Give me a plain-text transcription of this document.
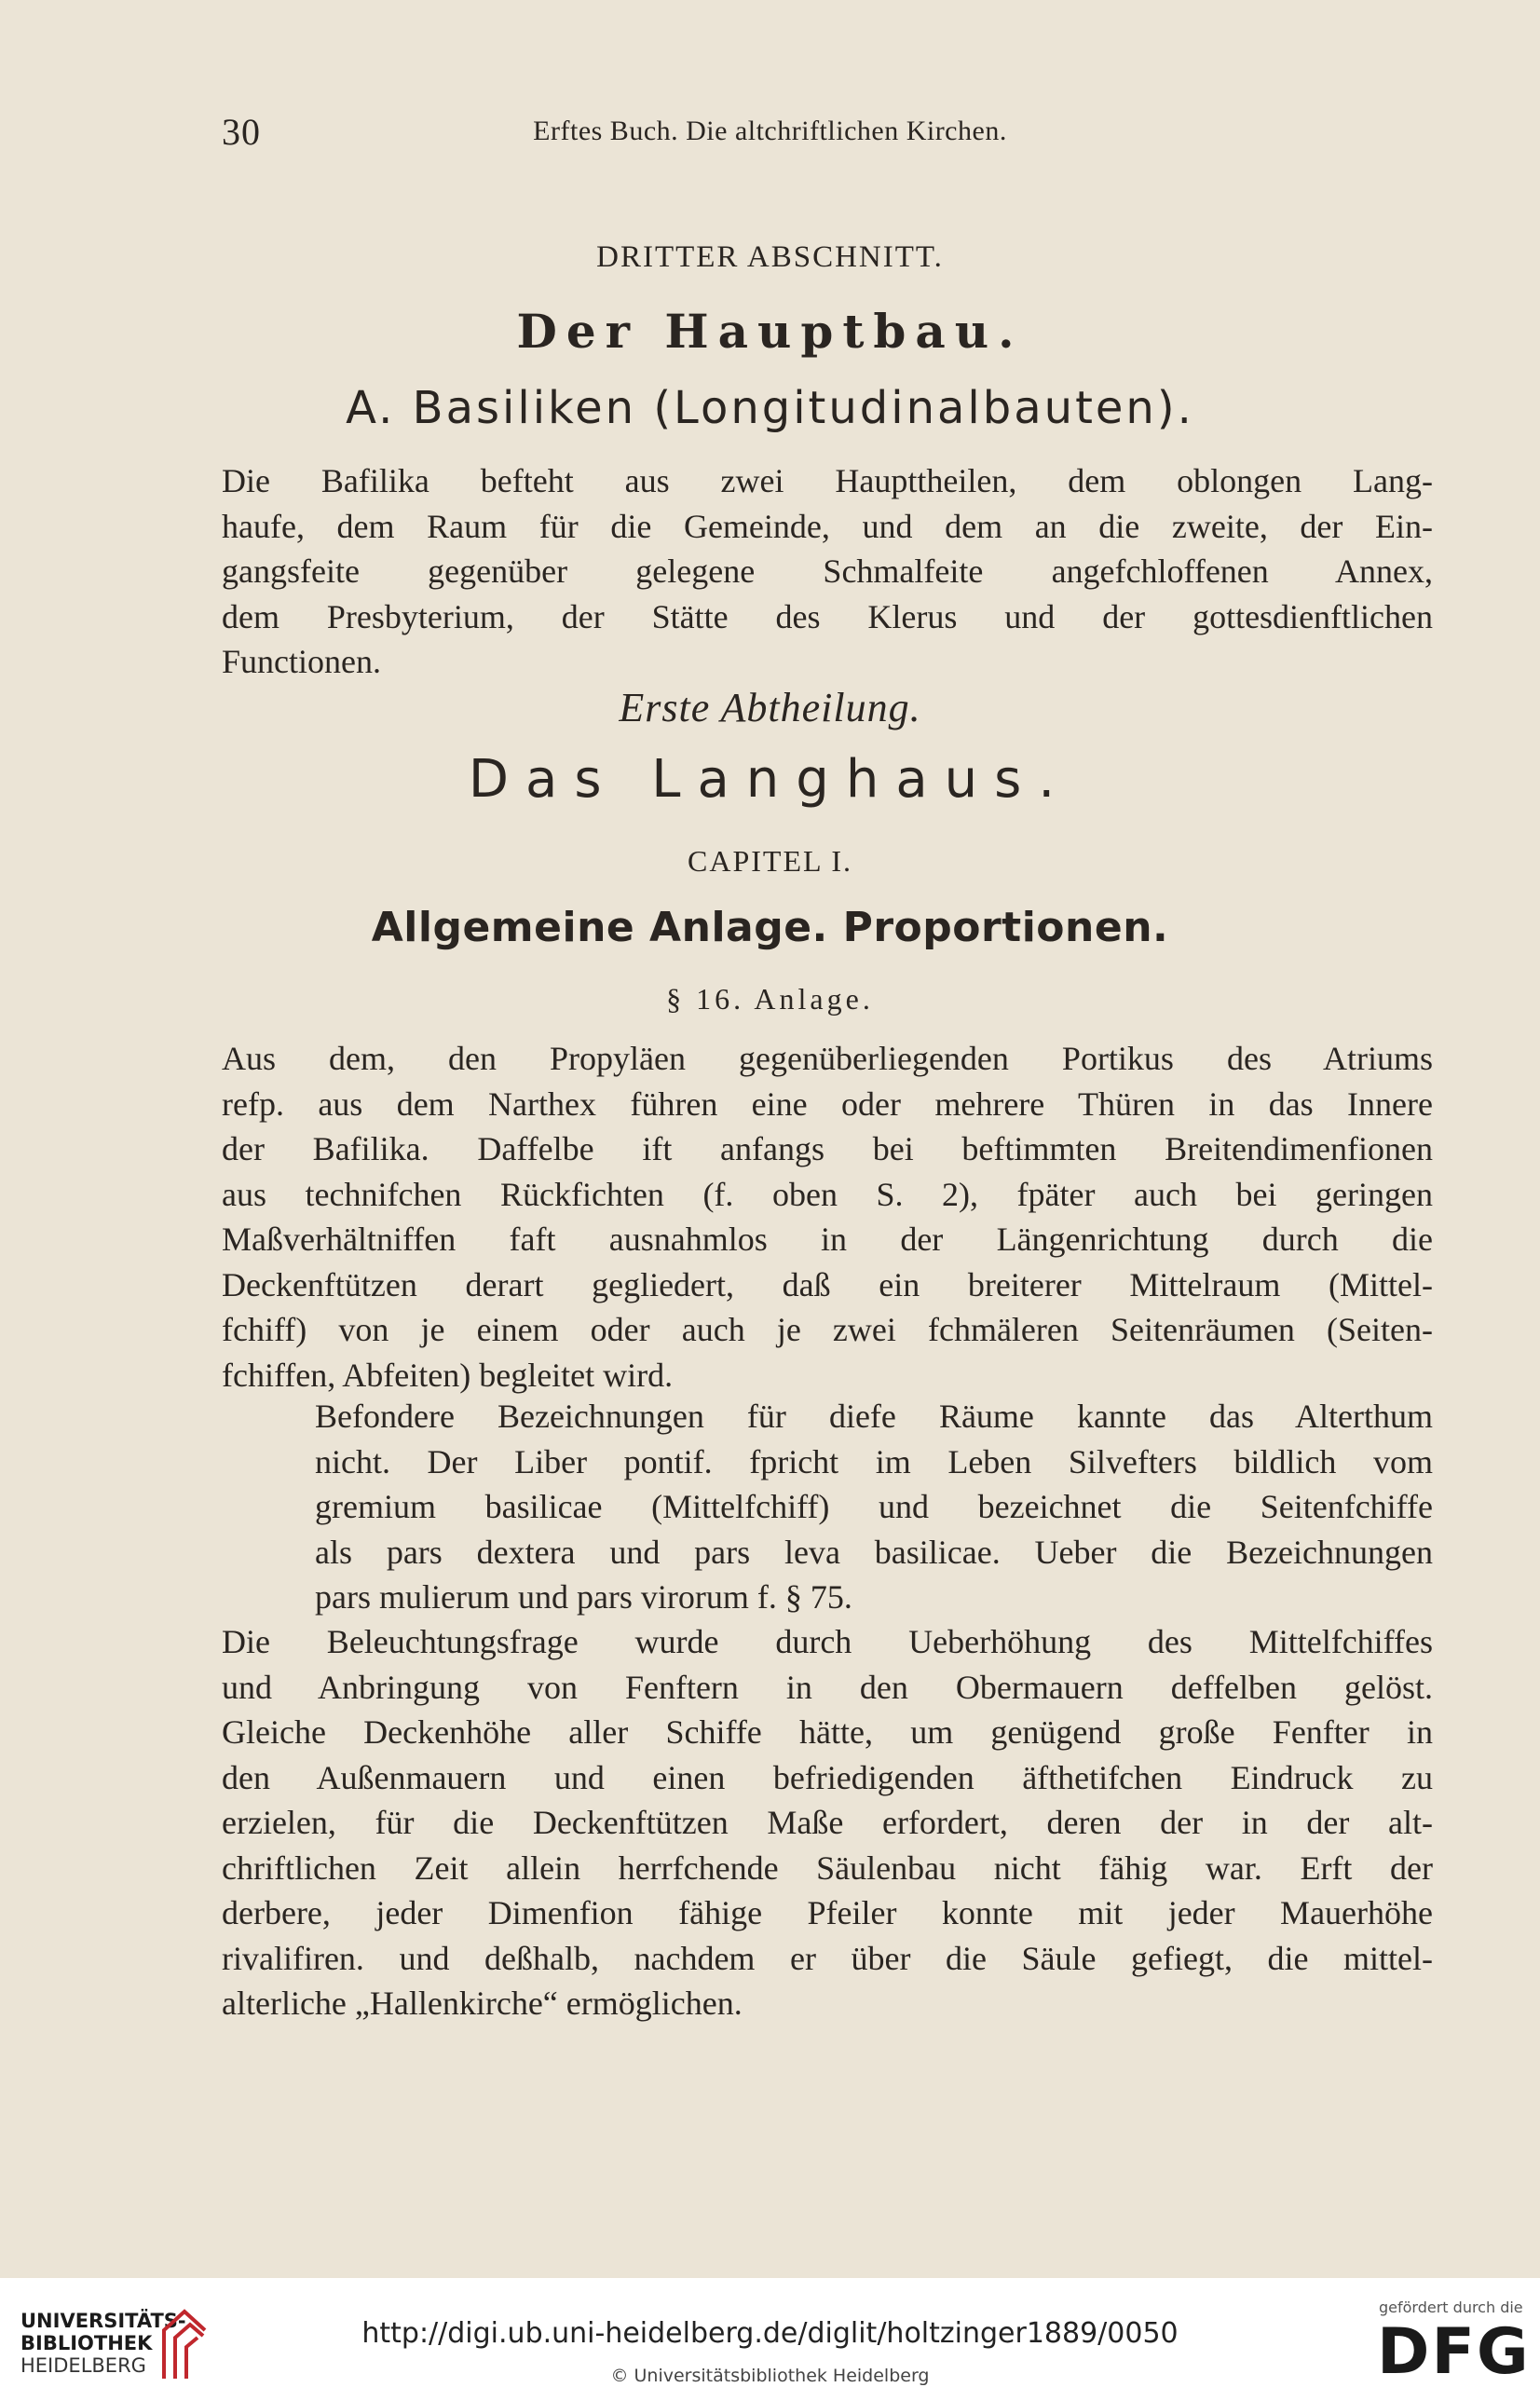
30	Erftes Buch. Die altchriftlichen Kirchen.
DRITTER ABSCHNITT.
Der Hauptbau.
A. Basiliken (Longitudinalbauten).
Die Bafilika befteht aus zwei Haupttheilen, dem oblongen Lang-
haufe, dem Raum für die Gemeinde, und dem an die zweite, der Ein-
gangsfeite gegenüber gelegene Schmalfeite angefchloffenen Annex,
dem Presbyterium, der Stätte des Klerus und der gottesdienftlichen
Functionen.
Erste Abtheilung.
Das Langhaus.
CAPITEL I.
Allgemeine Anlage. Proportionen.
§ 16. Anlage.
Aus dem, den Propyläen gegenüberliegenden Portikus des Atriums
refp. aus dem Narthex führen eine oder mehrere Thüren in das Innere
der Bafilika. Daffelbe ift anfangs bei beftimmten Breitendimenfionen
aus technifchen Rückfichten (f. oben S. 2), fpäter auch bei geringen
Maßverhältniffen faft ausnahmlos in der Längenrichtung durch die
Deckenftützen derart gegliedert, daß ein breiterer Mittelraum (Mittel-
fchiff) von je einem oder auch je zwei fchmäleren Seitenräumen (Seiten-
fchiffen, Abfeiten) begleitet wird.
Befondere Bezeichnungen für diefe Räume kannte das Alterthum
nicht. Der Liber pontif. fpricht im Leben Silvefters bildlich vom
gremium basilicae (Mittelfchiff) und bezeichnet die Seitenfchiffe
als pars dextera und pars leva basilicae. Ueber die Bezeichnungen
pars mulierum und pars virorum f. § 75.
Die Beleuchtungsfrage wurde durch Ueberhöhung des Mittelfchiffes
und Anbringung von Fenftern in den Obermauern deffelben gelöst.
Gleiche Deckenhöhe aller Schiffe hätte, um genügend große Fenfter in
den Außenmauern und einen befriedigenden äfthetifchen Eindruck zu
erzielen, für die Deckenftützen Maße erfordert, deren der in der alt-
chriftlichen Zeit allein herrfchende Säulenbau nicht fähig war. Erft der
derbere, jeder Dimenfion fähige Pfeiler konnte mit jeder Mauerhöhe
rivalifiren. und deßhalb, nachdem er über die Säule gefiegt, die mittel-
alterliche „Hallenkirche“ ermöglichen.
UNIVERSITÄTS-
BIBLIOTHEK
HEIDELBERG
http://digi.ub.uni-heidelberg.de/diglit/holtzinger1889/0050
© Universitätsbibliothek Heidelberg
gefördert durch die
DFG
